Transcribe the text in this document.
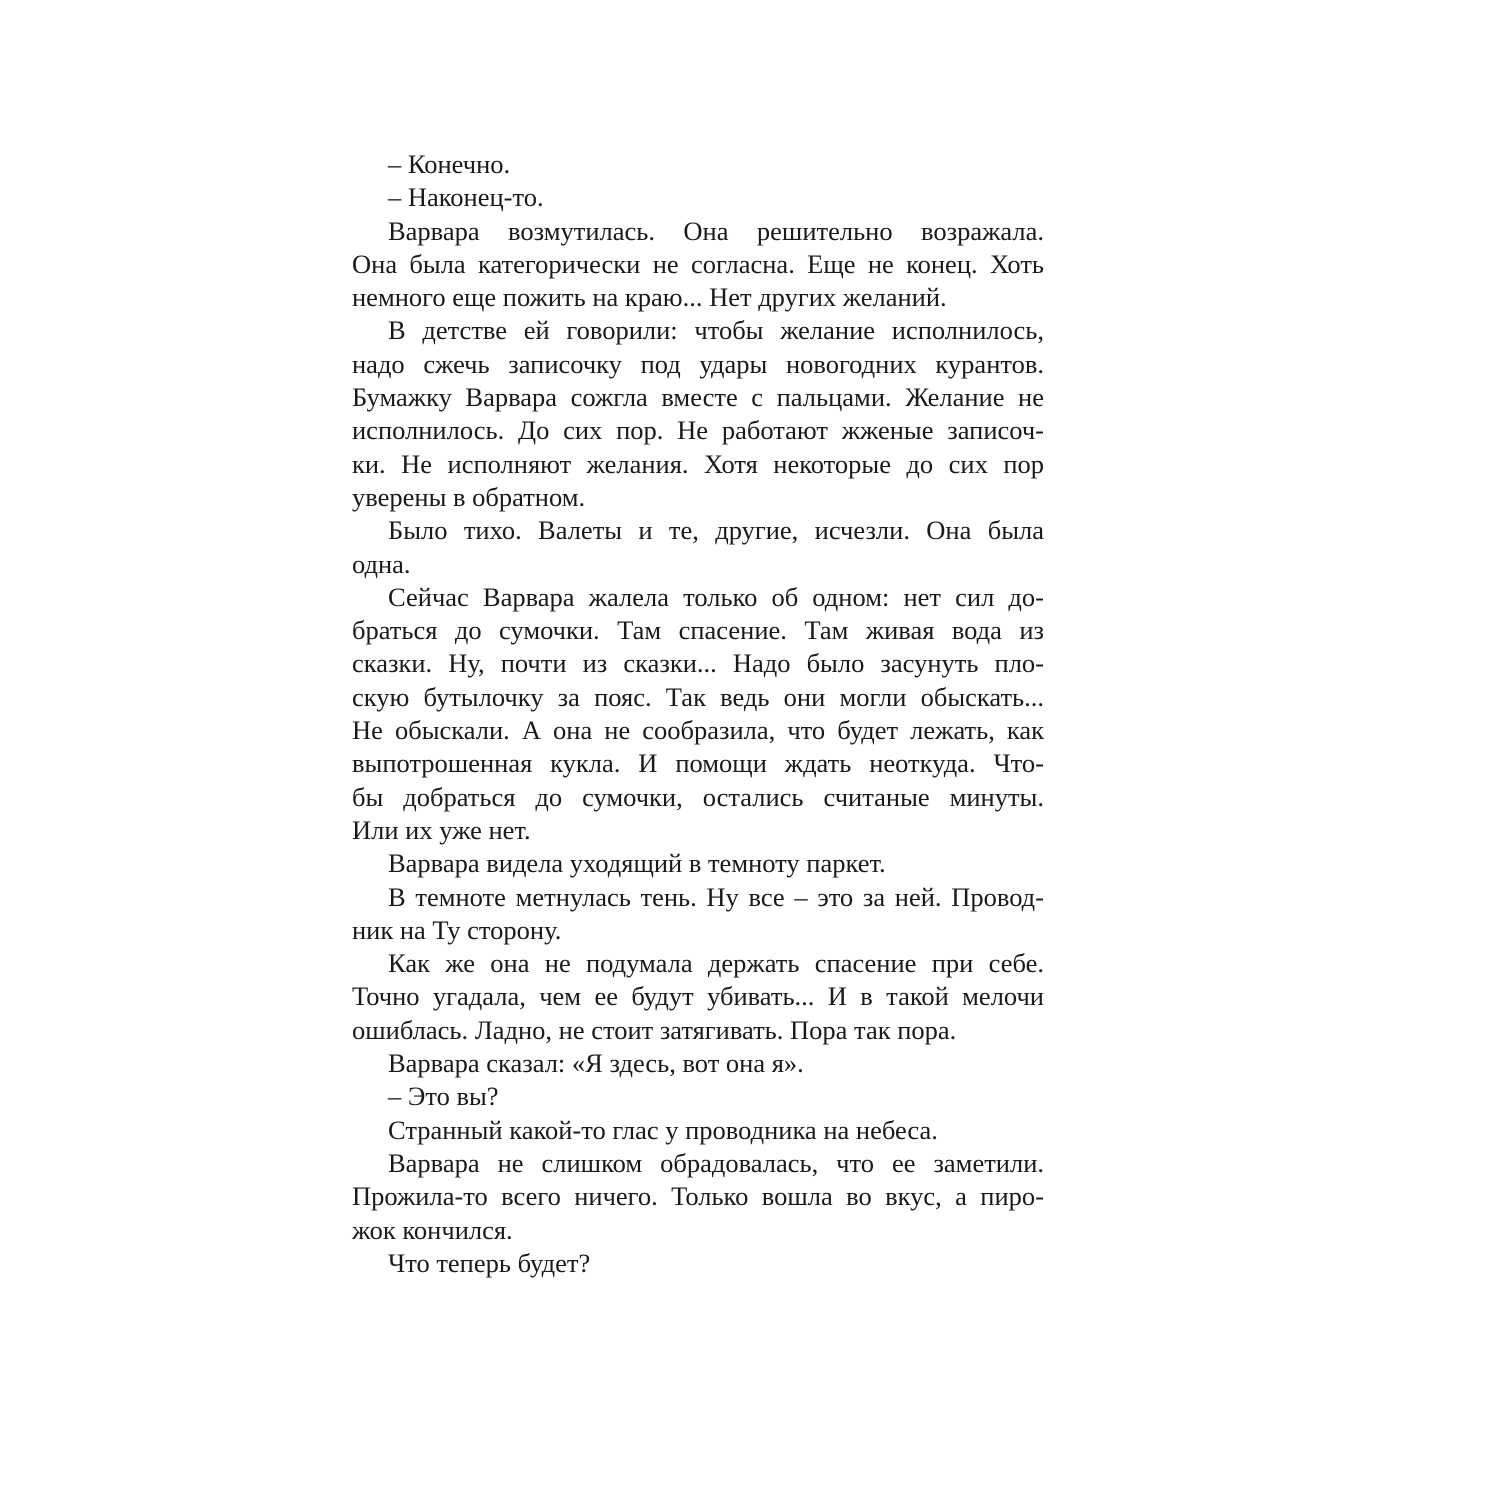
– Конечно.
– Наконец-то.
Варвара возмутилась. Она решительно возражала.
Она была категорически не согласна. Еще не конец. Хоть
немного еще пожить на краю... Нет других желаний.
В детстве ей говорили: чтобы желание исполнилось,
надо сжечь записочку под удары новогодних курантов.
Бумажку Варвара сожгла вместе с пальцами. Желание не
исполнилось. До сих пор. Не работают жженые записоч-
ки. Не исполняют желания. Хотя некоторые до сих пор
уверены в обратном.
Было тихо. Валеты и те, другие, исчезли. Она была
одна.
Сейчас Варвара жалела только об одном: нет сил до-
браться до сумочки. Там спасение. Там живая вода из
сказки. Ну, почти из сказки... Надо было засунуть пло-
скую бутылочку за пояс. Так ведь они могли обыскать...
Не обыскали. А она не сообразила, что будет лежать, как
выпотрошенная кукла. И помощи ждать неоткуда. Что-
бы добраться до сумочки, остались считаные минуты.
Или их уже нет.
Варвара видела уходящий в темноту паркет.
В темноте метнулась тень. Ну все – это за ней. Провод-
ник на Ту сторону.
Как же она не подумала держать спасение при себе.
Точно угадала, чем ее будут убивать... И в такой мелочи
ошиблась. Ладно, не стоит затягивать. Пора так пора.
Варвара сказал: «Я здесь, вот она я».
– Это вы?
Странный какой-то глас у проводника на небеса.
Варвара не слишком обрадовалась, что ее заметили.
Прожила-то всего ничего. Только вошла во вкус, а пиро-
жок кончился.
Что теперь будет?
